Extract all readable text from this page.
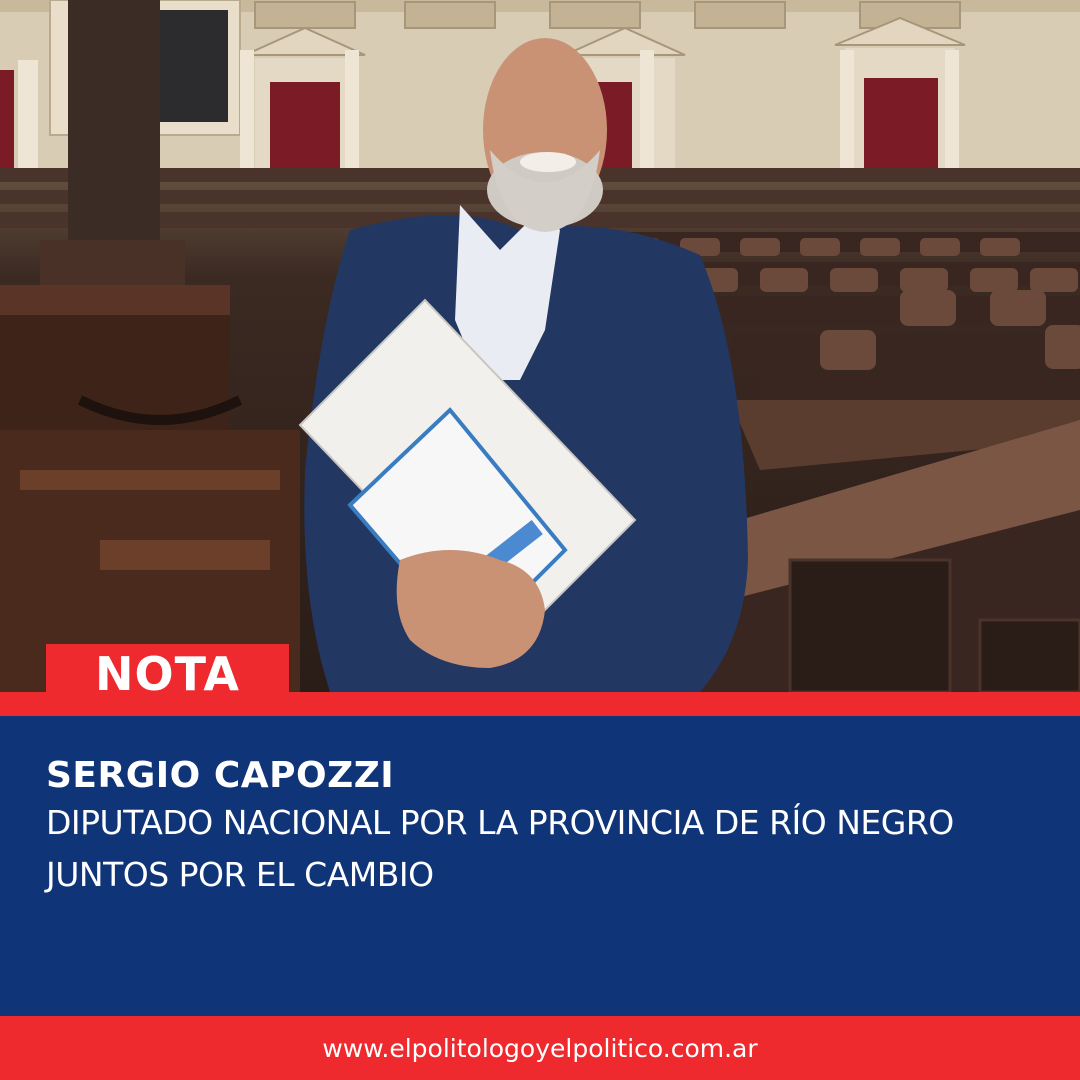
NOTA
SERGIO CAPOZZI
DIPUTADO NACIONAL POR LA PROVINCIA DE RÍO NEGRO
JUNTOS POR EL CAMBIO
www.elpolitologoyelpolitico.com.ar
